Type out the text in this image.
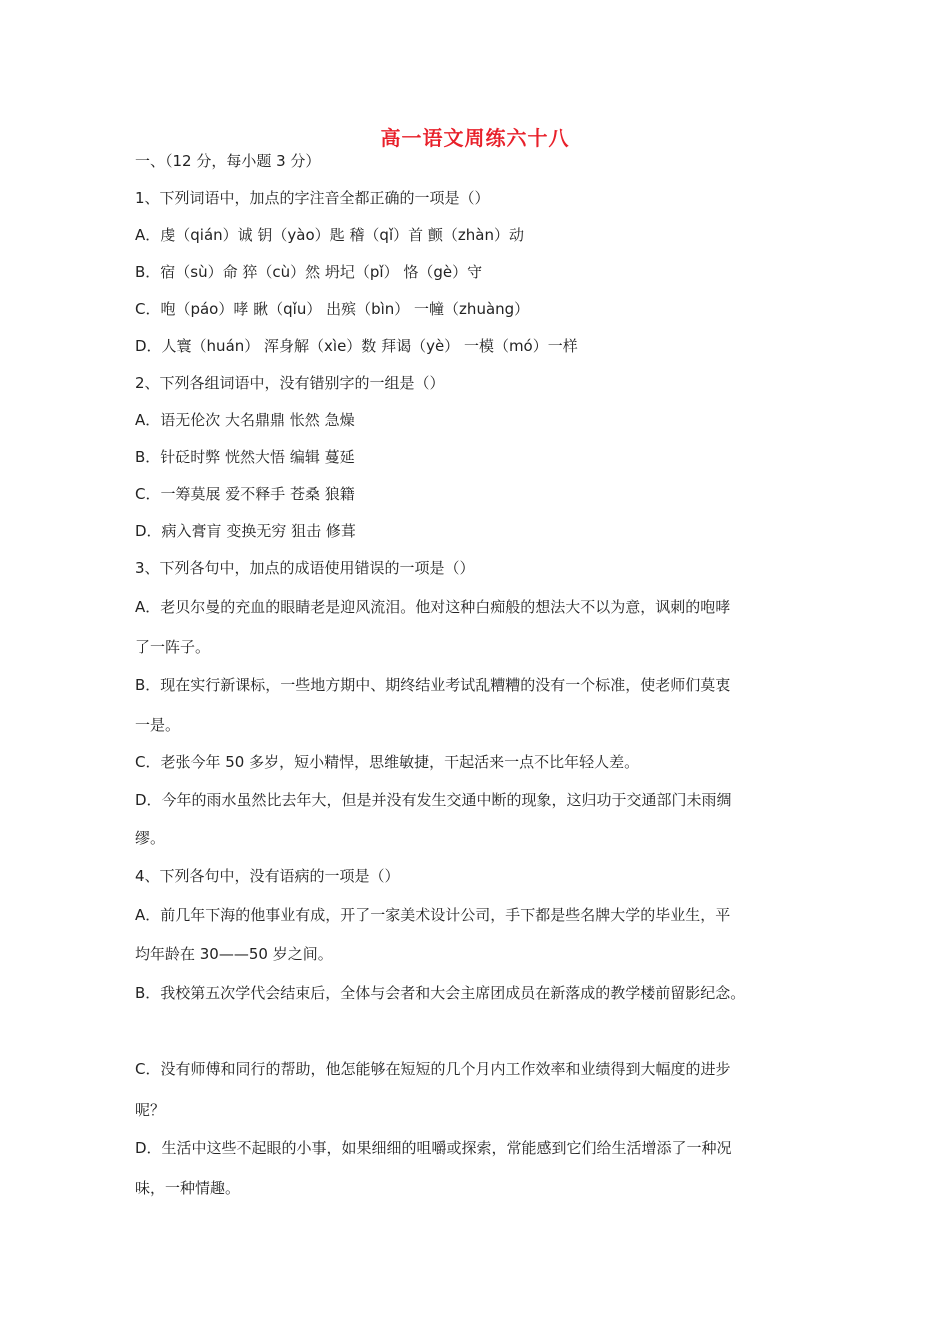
高一语文周练六十八
一、（12 分，每小题 3 分）
1、下列词语中，加点的字注音全都正确的一项是（）
A．虔（qián）诚 钥（yào）匙 稽（qǐ）首 颤（zhàn）动
B．宿（sù）命 猝（cù）然 坍圮（pǐ） 恪（gè）守
C．咆（páo）哮 瞅（qǐu） 出殡（bìn） 一幢（zhuàng）
D．人寰（huán） 浑身解（xìe）数 拜谒（yè） 一模（mó）一样
2、下列各组词语中，没有错别字的一组是（）
A．语无伦次 大名鼎鼎 怅然 急燥
B．针砭时弊 恍然大悟 编辑 蔓延
C．一筹莫展 爱不释手 苍桑 狼籍
D．病入膏肓 变换无穷 狙击 修葺
3、下列各句中，加点的成语使用错误的一项是（）
A．老贝尔曼的充血的眼睛老是迎风流泪。他对这种白痴般的想法大不以为意，讽刺的咆哮
了一阵子。
B．现在实行新课标，一些地方期中、期终结业考试乱糟糟的没有一个标准，使老师们莫衷
一是。
C．老张今年 50 多岁，短小精悍，思维敏捷，干起活来一点不比年轻人差。
D．今年的雨水虽然比去年大，但是并没有发生交通中断的现象，这归功于交通部门未雨绸
缪。
4、下列各句中，没有语病的一项是（）
A．前几年下海的他事业有成，开了一家美术设计公司，手下都是些名牌大学的毕业生，平
均年龄在 30——50 岁之间。
B．我校第五次学代会结束后，全体与会者和大会主席团成员在新落成的教学楼前留影纪念。
C．没有师傅和同行的帮助，他怎能够在短短的几个月内工作效率和业绩得到大幅度的进步
呢？
D．生活中这些不起眼的小事，如果细细的咀嚼或探索，常能感到它们给生活增添了一种况
味，一种情趣。
